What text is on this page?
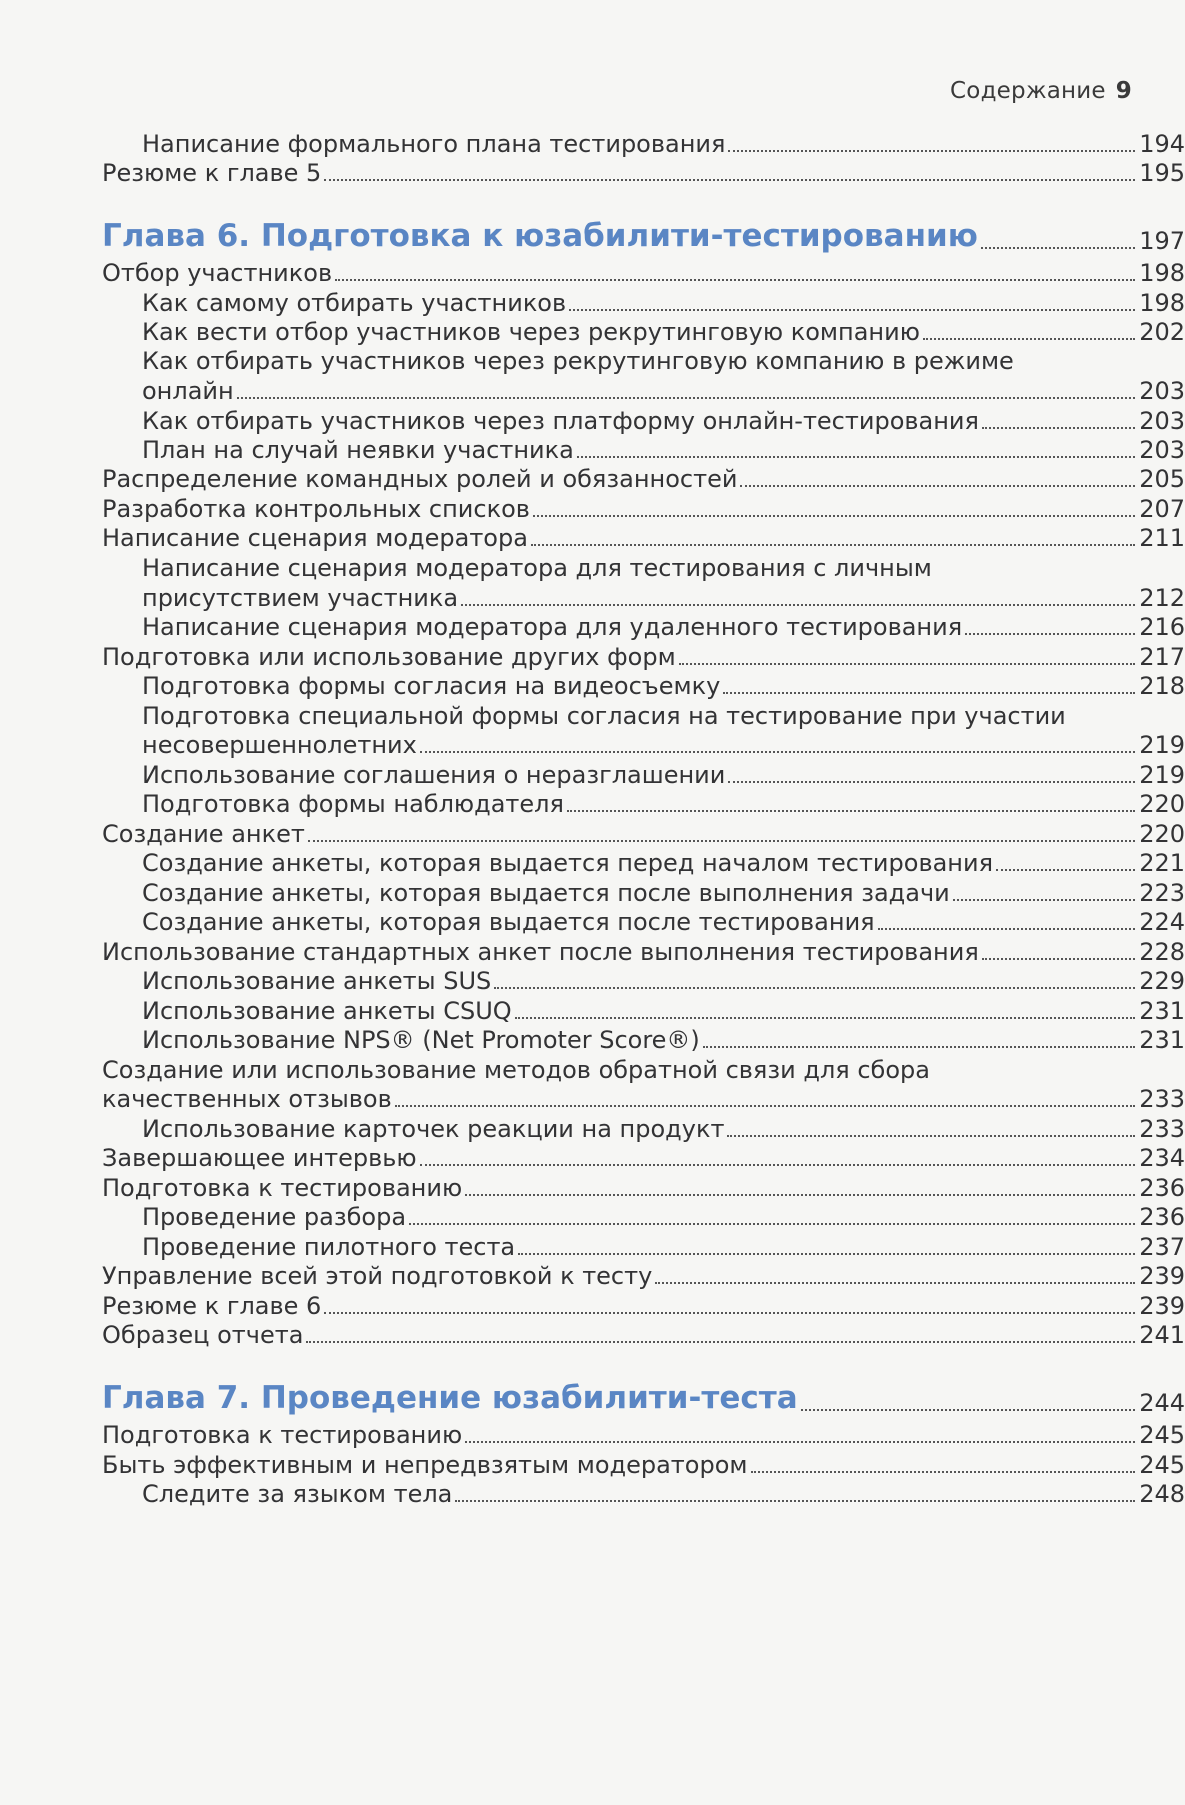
Содержание 9
Написание формального плана тестирования	194
Резюме к главе 5	195
Глава 6. Подготовка к юзабилити-тестированию	197
Отбор участников	198
Как самому отбирать участников	198
Как вести отбор участников через рекрутинговую компанию	202
Как отбирать участников через рекрутинговую компанию в режиме
онлайн	203
Как отбирать участников через платформу онлайн-тестирования	203
План на случай неявки участника	203
Распределение командных ролей и обязанностей	205
Разработка контрольных списков	207
Написание сценария модератора	211
Написание сценария модератора для тестирования с личным
присутствием участника	212
Написание сценария модератора для удаленного тестирования	216
Подготовка или использование других форм	217
Подготовка формы согласия на видеосъемку	218
Подготовка специальной формы согласия на тестирование при участии
несовершеннолетних	219
Использование соглашения о неразглашении	219
Подготовка формы наблюдателя	220
Создание анкет	220
Создание анкеты, которая выдается перед началом тестирования	221
Создание анкеты, которая выдается после выполнения задачи	223
Создание анкеты, которая выдается после тестирования	224
Использование стандартных анкет после выполнения тестирования	228
Использование анкеты SUS	229
Использование анкеты CSUQ	231
Использование NPS® (Net Promoter Score®)	231
Создание или использование методов обратной связи для сбора
качественных отзывов	233
Использование карточек реакции на продукт	233
Завершающее интервью	234
Подготовка к тестированию	236
Проведение разбора	236
Проведение пилотного теста	237
Управление всей этой подготовкой к тесту	239
Резюме к главе 6	239
Образец отчета	241
Глава 7. Проведение юзабилити-теста	244
Подготовка к тестированию	245
Быть эффективным и непредвзятым модератором	245
Следите за языком тела	248
